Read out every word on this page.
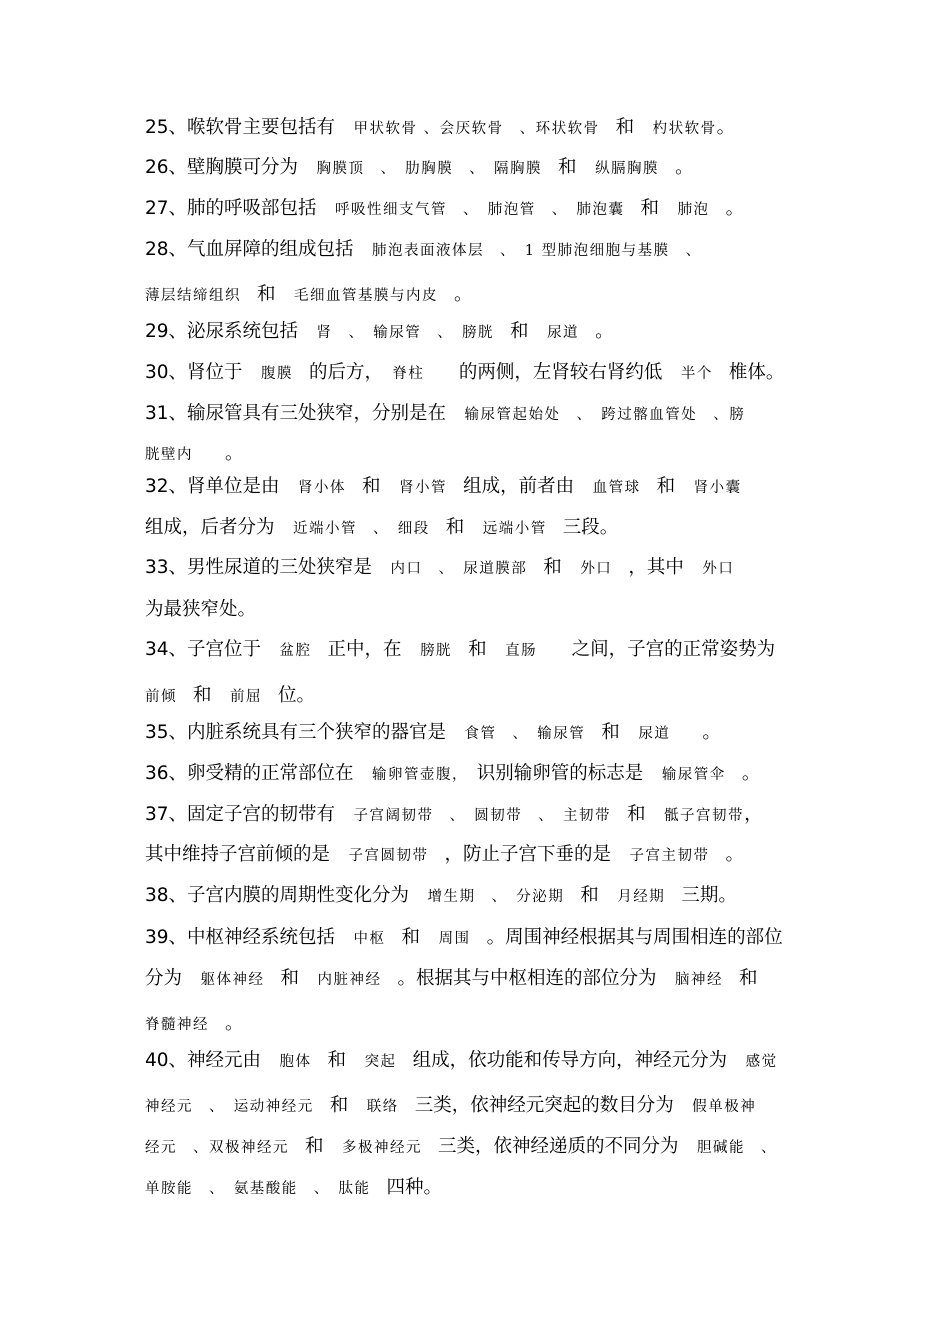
25、喉软骨主要包括有　甲状软骨 、会厌软骨　、环状软骨　和　杓状软骨。
26、壁胸膜可分为　胸膜顶　、　肋胸膜　、　隔胸膜　和　纵膈胸膜　。
27、肺的呼吸部包括　呼吸性细支气管　、　肺泡管　、　肺泡囊　和　肺泡　。
28、气血屏障的组成包括　肺泡表面液体层　、　1 型肺泡细胞与基膜　、
薄层结缔组织　和　毛细血管基膜与内皮　。
29、泌尿系统包括　肾　、　输尿管　、　膀胱　和　尿道　。
30、肾位于　腹膜　的后方，　脊柱　　的两侧，左肾较右肾约低　半个　椎体。
31、输尿管具有三处狭窄，分别是在　输尿管起始处　、　跨过髂血管处　、膀
胱壁内　　。
32、肾单位是由　肾小体　和　肾小管　组成，前者由　血管球　和　肾小囊
组成，后者分为　近端小管　、　细段　和　远端小管　三段。
33、男性尿道的三处狭窄是　内口　、　尿道膜部　和　外口　，其中　外口
为最狭窄处。
34、子宫位于　盆腔　正中，在　膀胱　和　直肠　　之间，子宫的正常姿势为
前倾　和　前屈　位。
35、内脏系统具有三个狭窄的器官是　食管　、　输尿管　和　尿道　　。
36、卵受精的正常部位在　输卵管壶腹，　识别输卵管的标志是　输尿管伞　。
37、固定子宫的韧带有　子宫阔韧带　、　圆韧带　、　主韧带　和　骶子宫韧带，
其中维持子宫前倾的是　子宫圆韧带　，防止子宫下垂的是　子宫主韧带　。
38、子宫内膜的周期性变化分为　增生期　、　分泌期　和　月经期　三期。
39、中枢神经系统包括　中枢　和　周围　。周围神经根据其与周围相连的部位
分为　躯体神经　和　内脏神经　。根据其与中枢相连的部位分为　脑神经　和
脊髓神经　。
40、神经元由　胞体　和　突起　组成，依功能和传导方向，神经元分为　感觉
神经元　、　运动神经元　和　联络　三类，依神经元突起的数目分为　假单极神
经元　、双极神经元　和　多极神经元　三类，依神经递质的不同分为　胆碱能　、
单胺能　、　氨基酸能　、　肽能　四种。
